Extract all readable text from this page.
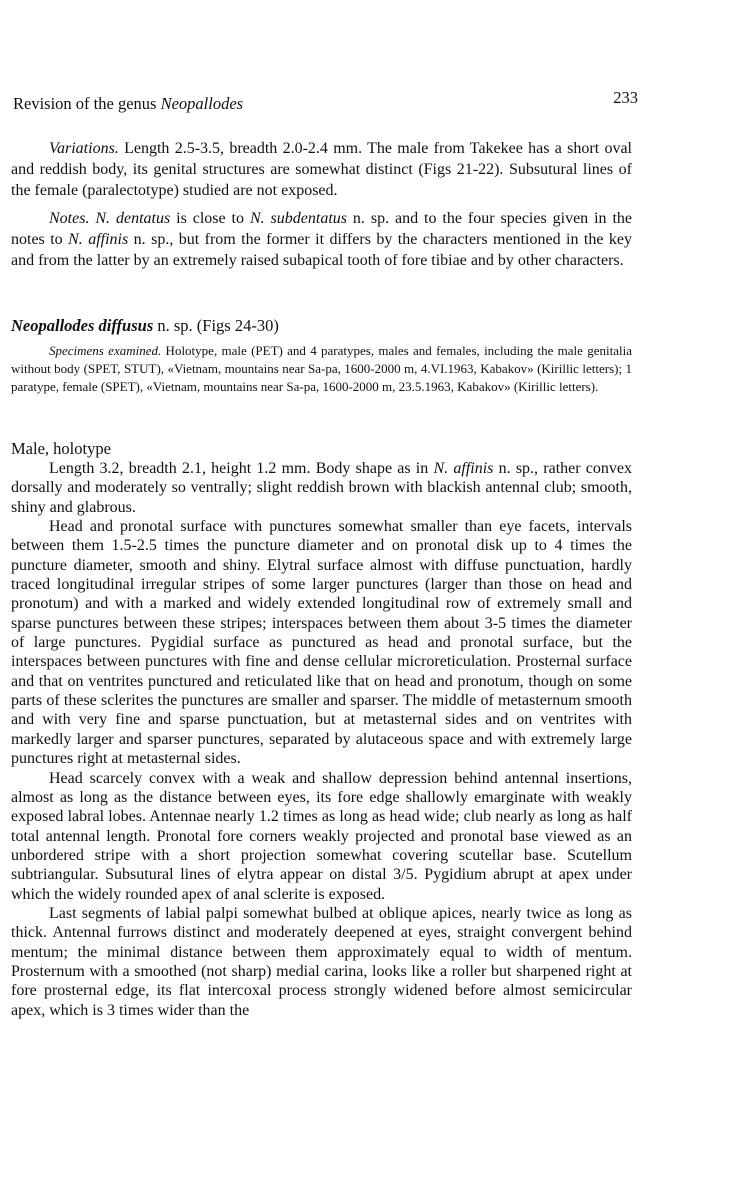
Revision of the genus Neopallodes	233

Variations. Length 2.5-3.5, breadth 2.0-2.4 mm. The male from Takekee has a short oval and reddish body, its genital structures are somewhat distinct (Figs 21-22). Subsutural lines of the female (paralectotype) studied are not exposed.

Notes. N. dentatus is close to N. subdentatus n. sp. and to the four species given in the notes to N. affinis n. sp., but from the former it differs by the characters mentioned in the key and from the latter by an extremely raised subapical tooth of fore tibiae and by other characters.

Neopallodes diffusus n. sp. (Figs 24-30)

Specimens examined. Holotype, male (PET) and 4 paratypes, males and females, including the male genitalia without body (SPET, STUT), «Vietnam, mountains near Sa-pa, 1600-2000 m, 4.VI.1963, Kabakov» (Kirillic letters); 1 paratype, female (SPET), «Vietnam, mountains near Sa-pa, 1600-2000 m, 23.5.1963, Kabakov» (Kirillic letters).

Male, holotype

Length 3.2, breadth 2.1, height 1.2 mm. Body shape as in N. affinis n. sp., rather convex dorsally and moderately so ventrally; slight reddish brown with blackish antennal club; smooth, shiny and glabrous.

Head and pronotal surface with punctures somewhat smaller than eye facets, intervals between them 1.5-2.5 times the puncture diameter and on pronotal disk up to 4 times the puncture diameter, smooth and shiny. Elytral surface almost with diffuse punctuation, hardly traced longitudinal irregular stripes of some larger punctures (larger than those on head and pronotum) and with a marked and widely extended longitudinal row of extremely small and sparse punctures between these stripes; interspaces between them about 3-5 times the diameter of large punctures. Pygidial surface as punctured as head and pronotal surface, but the interspaces between punctures with fine and dense cellular microreticulation. Prosternal surface and that on ventrites punctured and reticulated like that on head and pronotum, though on some parts of these sclerites the punctures are smaller and sparser. The middle of metasternum smooth and with very fine and sparse punctuation, but at metasternal sides and on ventrites with markedly larger and sparser punctures, separated by alutaceous space and with extremely large punctures right at metasternal sides.

Head scarcely convex with a weak and shallow depression behind antennal insertions, almost as long as the distance between eyes, its fore edge shallowly emarginate with weakly exposed labral lobes. Antennae nearly 1.2 times as long as head wide; club nearly as long as half total antennal length. Pronotal fore corners weakly projected and pronotal base viewed as an unbordered stripe with a short projection somewhat covering scutellar base. Scutellum subtriangular. Subsutural lines of elytra appear on distal 3/5. Pygidium abrupt at apex under which the widely rounded apex of anal sclerite is exposed.

Last segments of labial palpi somewhat bulbed at oblique apices, nearly twice as long as thick. Antennal furrows distinct and moderately deepened at eyes, straight convergent behind mentum; the minimal distance between them approximately equal to width of mentum. Prosternum with a smoothed (not sharp) medial carina, looks like a roller but sharpened right at fore prosternal edge, its flat intercoxal process strongly widened before almost semicircular apex, which is 3 times wider than the
